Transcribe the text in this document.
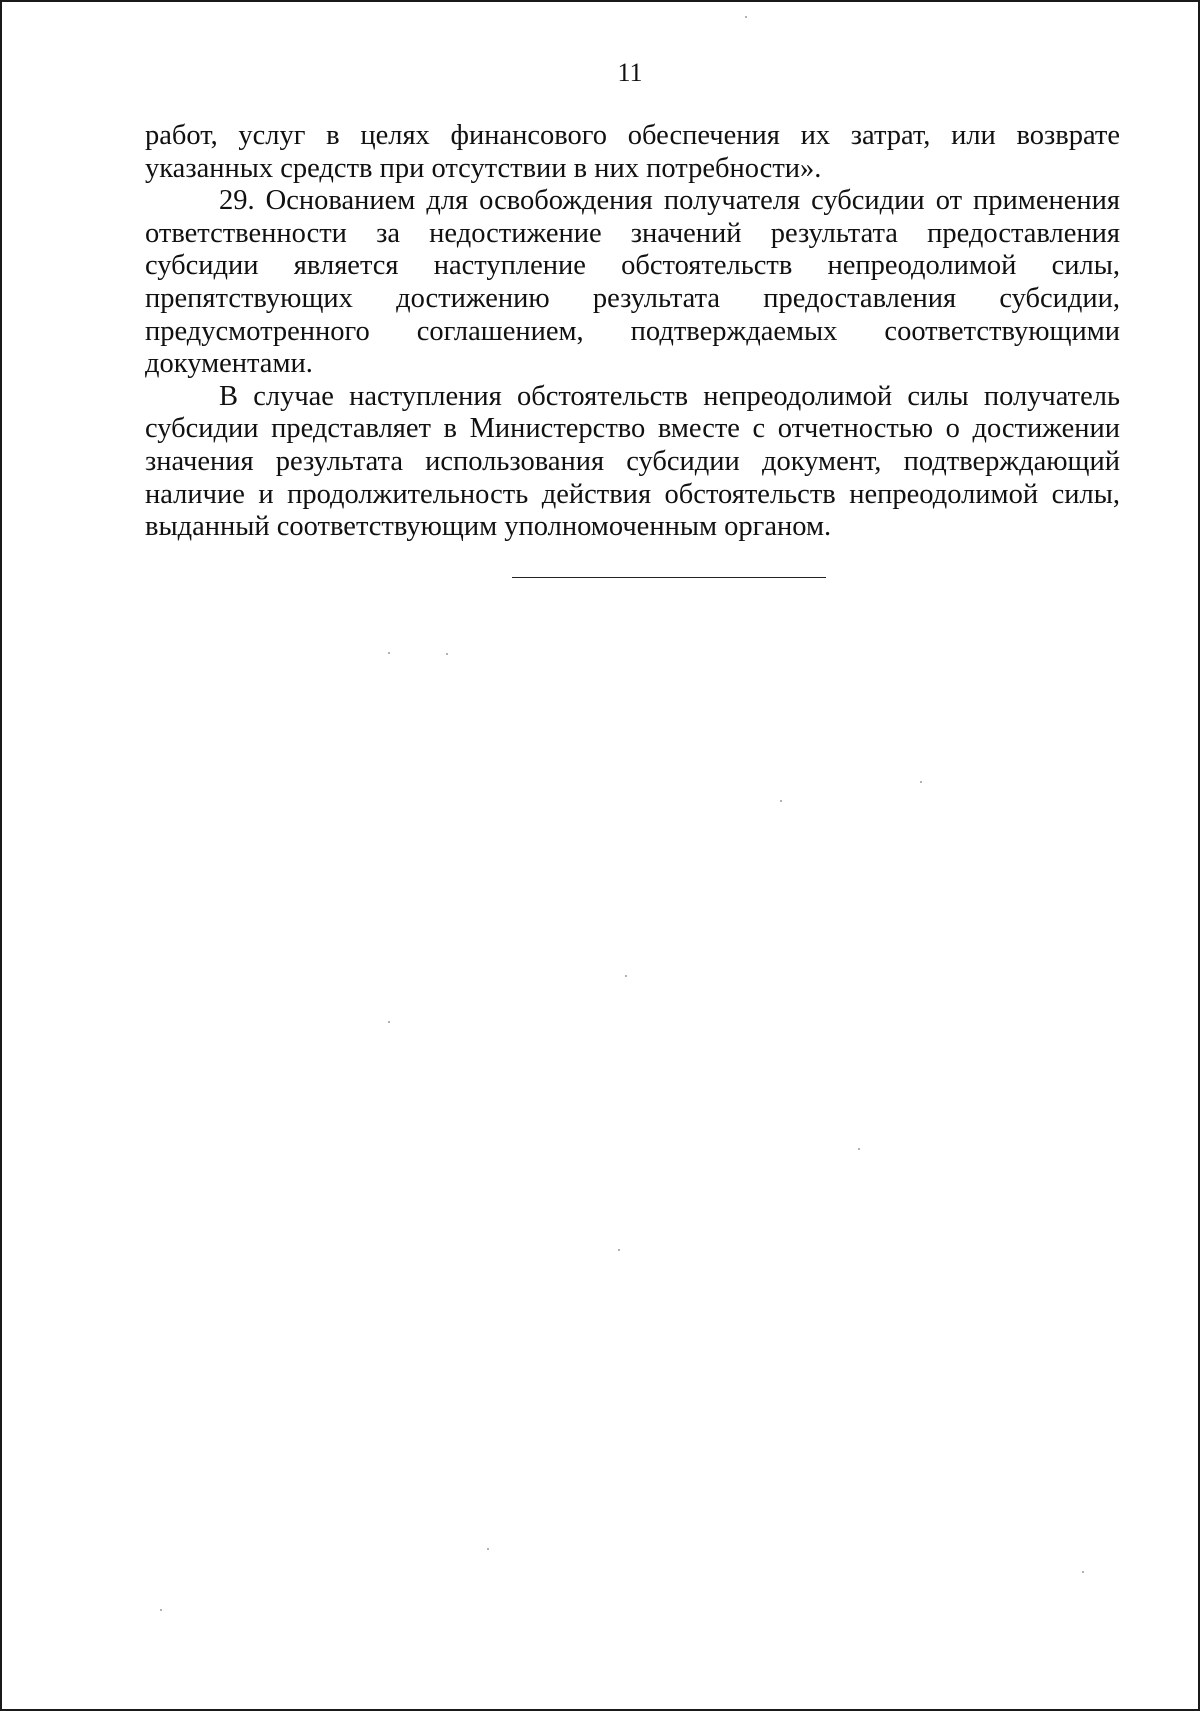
11

работ, услуг в целях финансового обеспечения их затрат, или возврате указанных средств при отсутствии в них потребности».

29. Основанием для освобождения получателя субсидии от применения ответственности за недостижение значений результата предоставления субсидии является наступление обстоятельств непреодолимой силы, препятствующих достижению результата предоставления субсидии, предусмотренного соглашением, подтверждаемых соответствующими документами.

В случае наступления обстоятельств непреодолимой силы получатель субсидии представляет в Министерство вместе с отчетностью о достижении значения результата использования субсидии документ, подтверждающий наличие и продолжительность действия обстоятельств непреодолимой силы, выданный соответствующим уполномоченным органом.
